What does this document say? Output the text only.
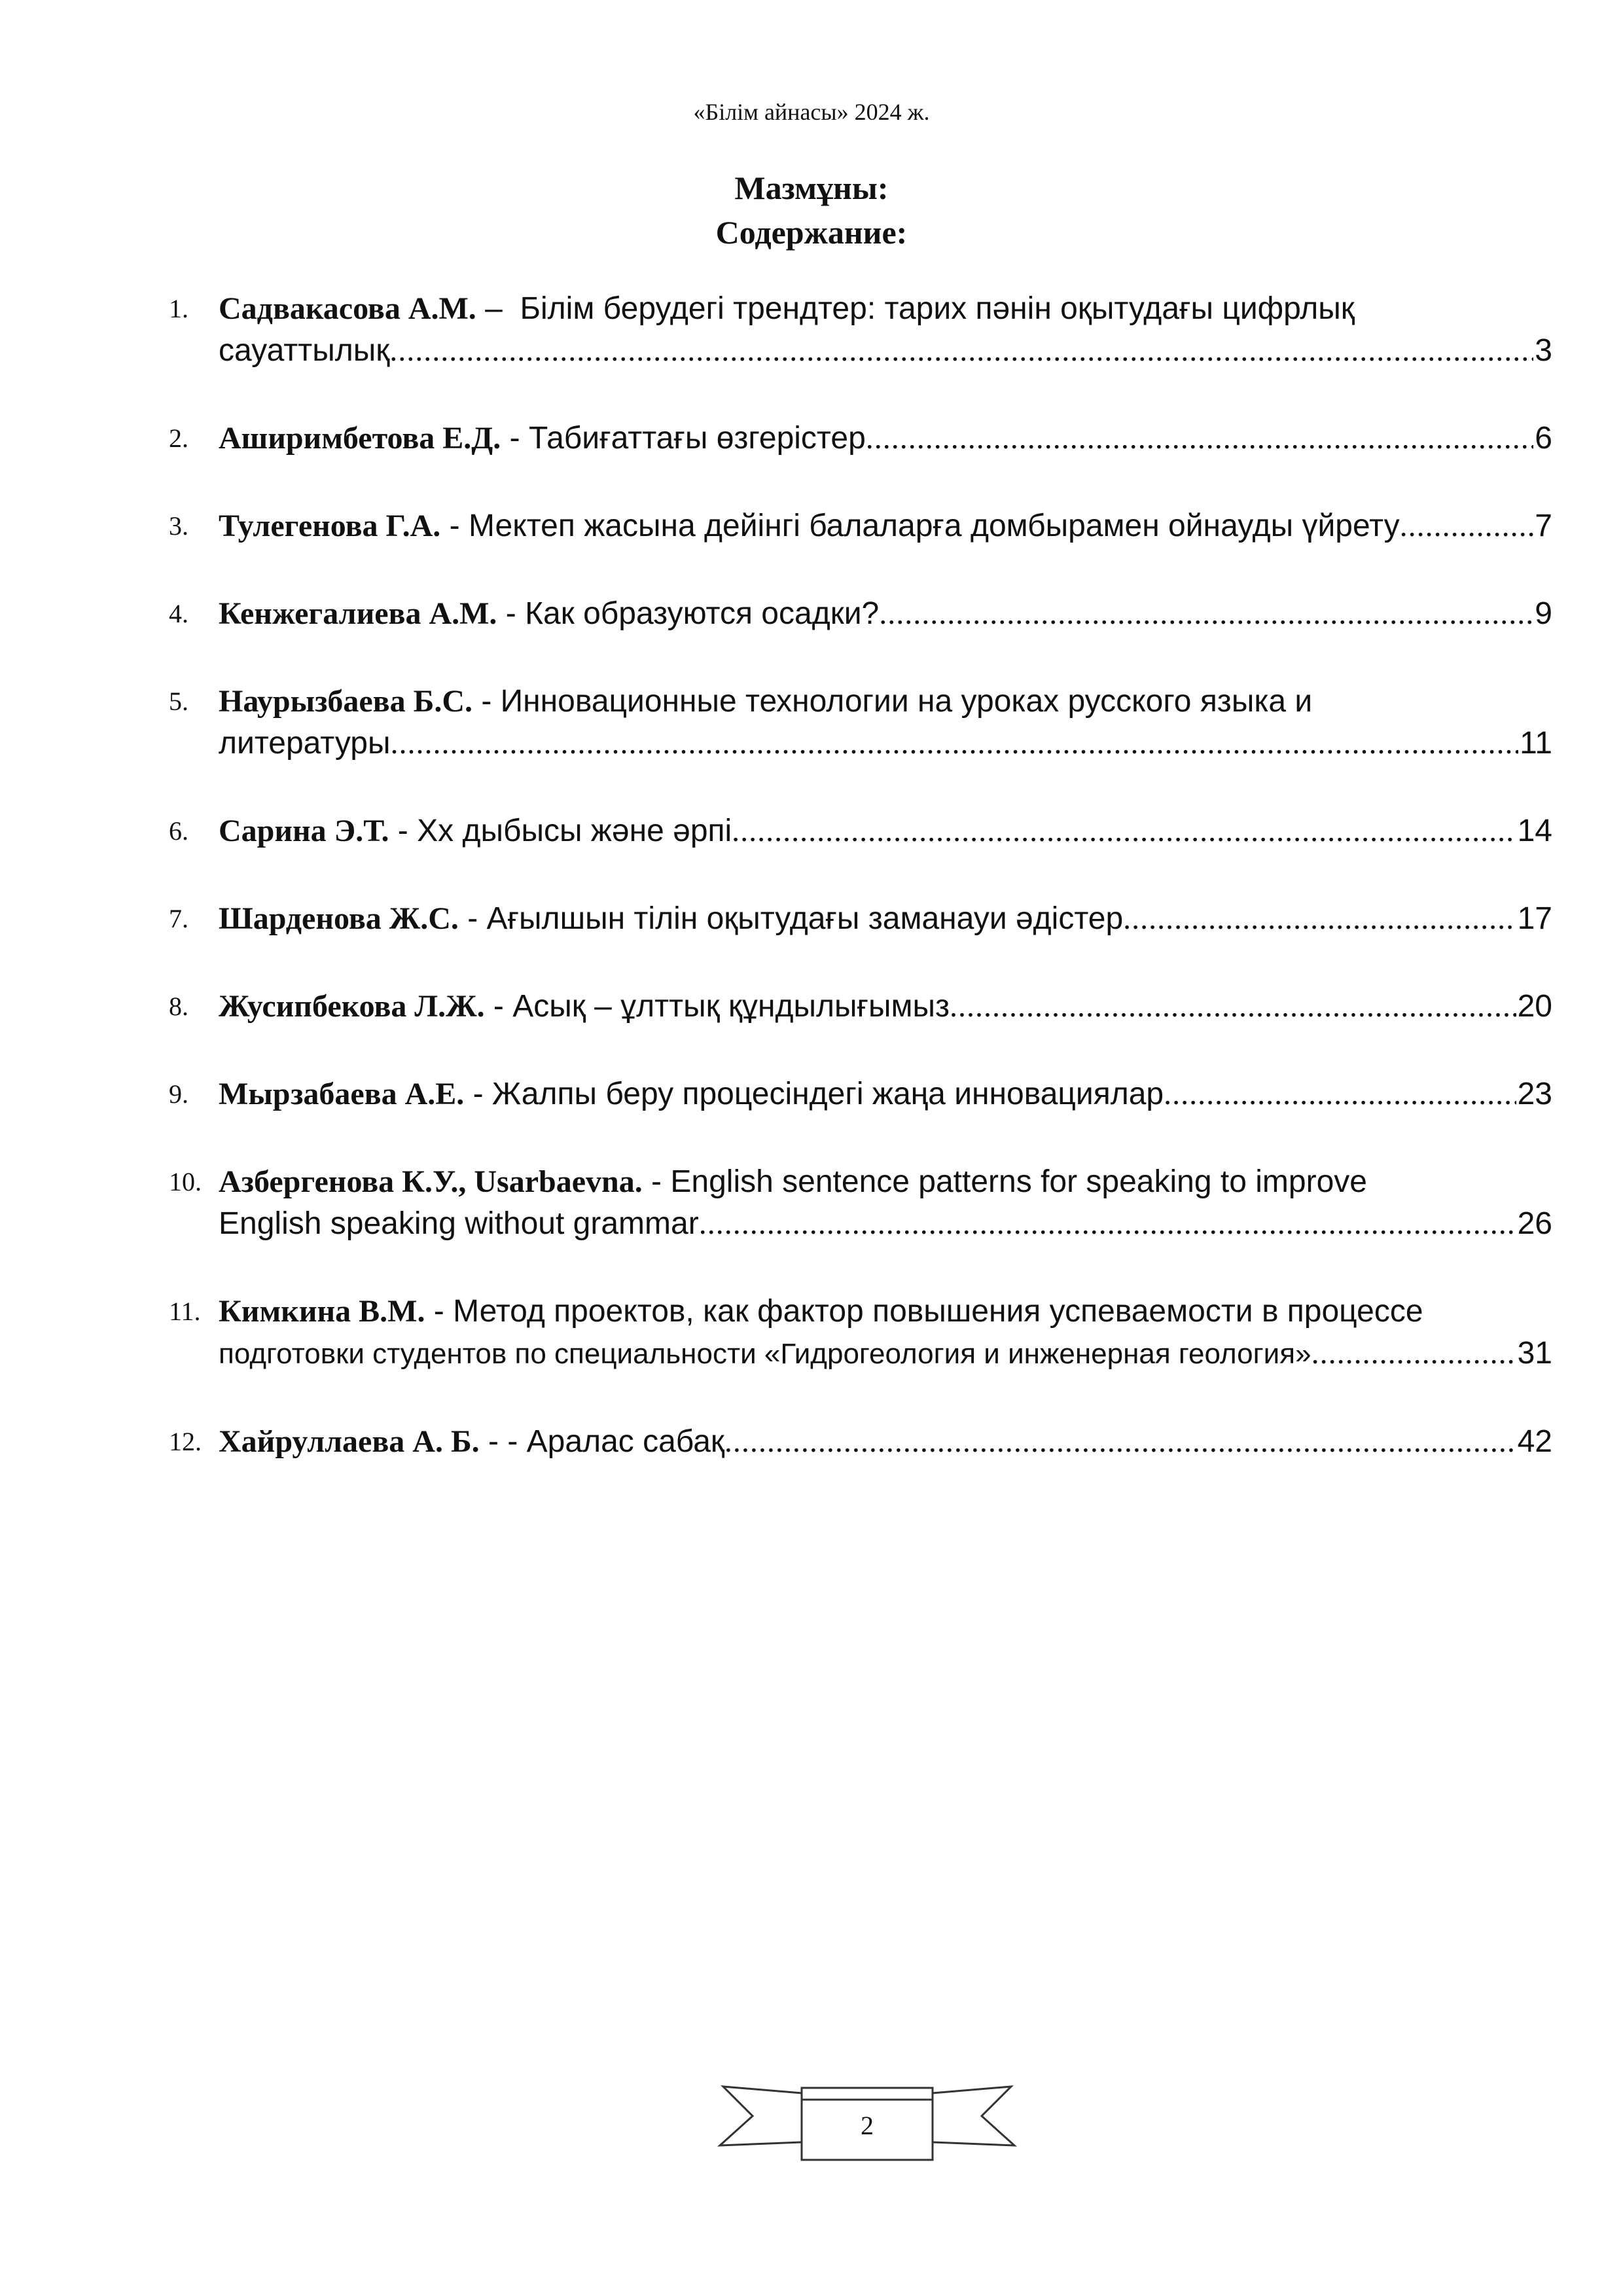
«Білім айнасы» 2024 ж.
Мазмұны:
Содержание:
1. Садвакасова А.М. –  Білім берудегі трендтер: тарих пәнін оқытудағы цифрлық
сауаттылық .....	3
2. Аширимбетова Е.Д. - Табиғаттағы өзгерістер .....	6
3. Тулегенова Г.А. - Мектеп жасына дейінгі балаларға домбырамен ойнауды үйрету .....	7
4. Кенжегалиева А.М. - Как образуются осадки? .....	9
5. Наурызбаева Б.С. - Инновационные технологии на уроках русского языка и
литературы .....	11
6. Сарина Э.Т. - Хх дыбысы және әрпі .....	14
7. Шарденова Ж.С. - Ағылшын тілін оқытудағы заманауи әдістер .....	17
8. Жусипбекова Л.Ж. - Асық – ұлттық құндылығымыз .....	20
9. Мырзабаева А.Е. - Жалпы беру процесіндегі жаңа инновациялар .....	23
10. Азбергенова К.У., Usarbaevna. - English sentence patterns for speaking to improve
English speaking without grammar .....	26
11. Кимкина В.М. - Метод проектов, как фактор повышения успеваемости в процессе
подготовки студентов по специальности «Гидрогеология и инженерная геология» .....	31
12. Хайруллаева А. Б. - - Аралас сабақ .....	42
2
